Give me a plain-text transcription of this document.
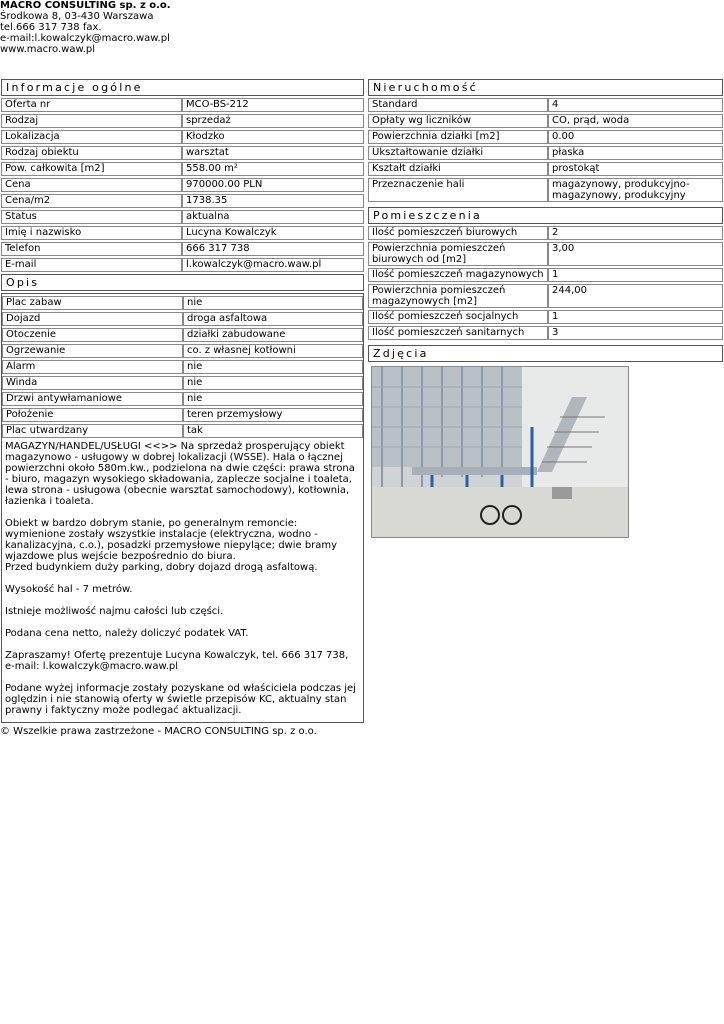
MACRO CONSULTING sp. z o.o.
Środkowa 8, 03-430 Warszawa
tel.666 317 738 fax.
e-mail:l.kowalczyk@macro.waw.pl
www.macro.waw.pl
Informacje ogólne
Oferta nr	MCO-BS-212
Rodzaj	sprzedaż
Lokalizacja	Kłodzko
Rodzaj obiektu	warsztat
Pow. całkowita [m2]	558.00 m²
Cena	970000.00 PLN
Cena/m2	1738.35
Status	aktualna
Imię i nazwisko	Lucyna Kowalczyk
Telefon	666 317 738
E-mail	l.kowalczyk@macro.waw.pl
Opis
Plac zabaw	nie
Dojazd	droga asfaltowa
Otoczenie	działki zabudowane
Ogrzewanie	co. z własnej kotłowni
Alarm	nie
Winda	nie
Drzwi antywłamaniowe	nie
Położenie	teren przemysłowy
Plac utwardzany	tak

MAGAZYN/HANDEL/USŁUGI <<>> Na sprzedaż prosperujący obiekt magazynowo - usługowy w dobrej lokalizacji (WSSE). Hala o łącznej powierzchni około 580m.kw., podzielona na dwie części: prawa strona - biuro, magazyn wysokiego składowania, zaplecze socjalne i toaleta, lewa strona - usługowa (obecnie warsztat samochodowy), kotłownia, łazienka i toaleta.

Obiekt w bardzo dobrym stanie, po generalnym remoncie: wymienione zostały wszystkie instalacje (elektryczna, wodno - kanalizacyjna, c.o.), posadzki przemysłowe niepylące; dwie bramy wjazdowe plus wejście bezpośrednio do biura.
Przed budynkiem duży parking, dobry dojazd drogą asfaltową.

Wysokość hal - 7 metrów.

Istnieje możliwość najmu całości lub części.

Podana cena netto, należy doliczyć podatek VAT.

Zapraszamy! Ofertę prezentuje Lucyna Kowalczyk, tel. 666 317 738, e-mail: l.kowalczyk@macro.waw.pl

Podane wyżej informacje zostały pozyskane od właściciela podczas jej oględzin i nie stanowią oferty w świetle przepisów KC, aktualny stan prawny i faktyczny może podlegać aktualizacji.

Nieruchomość
Standard	4
Opłaty wg liczników	CO, prąd, woda
Powierzchnia działki [m2]	0.00
Ukształtowanie działki	płaska
Kształt działki	prostokąt
Przeznaczenie hali	magazynowy, produkcyjno-magazynowy, produkcyjny
Pomieszczenia
Ilość pomieszczeń biurowych	2
Powierzchnia pomieszczeń biurowych od [m2]	3,00
Ilość pomieszczeń magazynowych	1
Powierzchnia pomieszczeń magazynowych [m2]	244,00
Ilość pomieszczeń socjalnych	1
Ilość pomieszczeń sanitarnych	3
Zdjęcia
© Wszelkie prawa zastrzeżone - MACRO CONSULTING sp. z o.o.
